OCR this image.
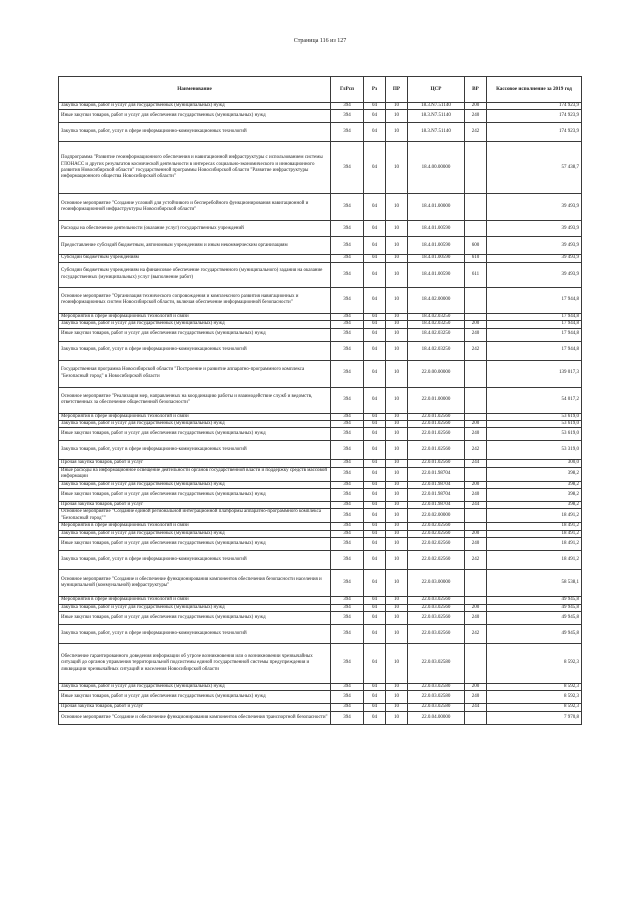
Страница 116 из 127
Наименование	ГлРсп	Рз	ПР	ЦСР	ВР	Кассовое исполнение за 2019 год
Закупка товаров, работ и услуг для государственных (муниципальных) нужд	394	04	10	18.3.N7.51140	200	174 923,9
Иные закупки товаров, работ и услуг для обеспечения государственных (муниципальных) нужд	394	04	10	18.3.N7.51140	240	174 923,9
Закупка товаров, работ, услуг в сфере информационно-коммуникационных технологий	394	04	10	18.3.N7.51140	242	174 923,9
Подпрограмма "Развитие геоинформационного обеспечения и навигационной инфраструктуры с использованием системы ГЛОНАСС и других результатов космической деятельности в интересах социально-экономического и инновационного развития Новосибирской области" государственной программы Новосибирской области "Развитие инфраструктуры информационного общества Новосибирской области"	394	04	10	18.4.00.00000		57 438,7
Основное мероприятие "Создание условий для устойчивого и бесперебойного функционирования навигационной и геоинформационной инфраструктуры Новосибирской области"	394	04	10	18.4.01.00000		39 493,9
Расходы на обеспечение деятельности (оказание услуг) государственных учреждений	394	04	10	18.4.01.00590		39 493,9
Предоставление субсидий бюджетным, автономным учреждениям и иным некоммерческим организациям	394	04	10	18.4.01.00590	600	39 493,9
Субсидии бюджетным учреждениям	394	04	10	18.4.01.00590	610	39 493,9
Субсидии бюджетным учреждениям на финансовое обеспечение государственного (муниципального) задания на оказание государственных (муниципальных) услуг (выполнение работ)	394	04	10	18.4.01.00590	611	39 493,9
Основное мероприятие "Организация технического сопровождения и комплексного развития навигационных и геоинформационных систем Новосибирской области, включая обеспечение информационной безопасности"	394	04	10	18.4.02.00000		17 944,8
Мероприятия в сфере информационных технологий и связи	394	04	10	18.4.02.03250		17 944,8
Закупка товаров, работ и услуг для государственных (муниципальных) нужд	394	04	10	18.4.02.03250	200	17 944,8
Иные закупки товаров, работ и услуг для обеспечения государственных (муниципальных) нужд	394	04	10	18.4.02.03250	240	17 944,8
Закупка товаров, работ, услуг в сфере информационно-коммуникационных технологий	394	04	10	18.4.02.03250	242	17 944,8
Государственная программа Новосибирской области "Построение и развитие аппаратно-программного комплекса "Безопасный город" в Новосибирской области	394	04	10	22.0.00.00000		139 017,3
Основное мероприятие "Реализация мер, направленных на координацию работы и взаимодействие служб и ведомств, ответственных за обеспечение общественной безопасности"	394	04	10	22.0.01.00000		54 017,2
Мероприятия в сфере информационных технологий и связи	394	04	10	22.0.01.02560		53 619,0
Закупка товаров, работ и услуг для государственных (муниципальных) нужд	394	04	10	22.0.01.02560	200	53 619,0
Иные закупки товаров, работ и услуг для обеспечения государственных (муниципальных) нужд	394	04	10	22.0.01.02560	240	53 619,0
Закупка товаров, работ, услуг в сфере информационно-коммуникационных технологий	394	04	10	22.0.01.02560	242	53 319,0
Прочая закупка товаров, работ и услуг	394	04	10	22.0.01.02560	244	300,0
Иные расходы на информационное освещение деятельности органов государственной власти и поддержку средств массовой информации	394	04	10	22.0.01.98704		398,2
Закупка товаров, работ и услуг для государственных (муниципальных) нужд	394	04	10	22.0.01.98704	200	398,2
Иные закупки товаров, работ и услуг для обеспечения государственных (муниципальных) нужд	394	04	10	22.0.01.98704	240	398,2
Прочая закупка товаров, работ и услуг	394	04	10	22.0.01.98704	244	398,2
Основное мероприятие "Создание единой региональной интеграционной платформы аппаратно-программного комплекса "Безопасный город""	394	04	10	22.0.02.00000		18 491,2
Мероприятия в сфере информационных технологий и связи	394	04	10	22.0.02.02560		18 491,2
Закупка товаров, работ и услуг для государственных (муниципальных) нужд	394	04	10	22.0.02.02560	200	18 491,2
Иные закупки товаров, работ и услуг для обеспечения государственных (муниципальных) нужд	394	04	10	22.0.02.02560	240	18 491,2
Закупка товаров, работ, услуг в сфере информационно-коммуникационных технологий	394	04	10	22.0.02.02560	242	18 491,2
Основное мероприятие "Создание и обеспечение функционирования компонентов обеспечения безопасности населения и муниципальной (коммунальной) инфраструктуры"	394	04	10	22.0.03.00000		58 538,1
Мероприятия в сфере информационных технологий и связи	394	04	10	22.0.03.02560		49 945,8
Закупка товаров, работ и услуг для государственных (муниципальных) нужд	394	04	10	22.0.03.02560	200	49 945,8
Иные закупки товаров, работ и услуг для обеспечения государственных (муниципальных) нужд	394	04	10	22.0.03.02560	240	49 945,8
Закупка товаров, работ, услуг в сфере информационно-коммуникационных технологий	394	04	10	22.0.03.02560	242	49 945,8
Обеспечение гарантированного доведения информации об угрозе возникновения или о возникновении чрезвычайных ситуаций до органов управления территориальной подсистемы единой государственной системы предупреждения и ликвидации чрезвычайных ситуаций и населения Новосибирской области	394	04	10	22.0.03.02580		8 592,3
Закупка товаров, работ и услуг для государственных (муниципальных) нужд	394	04	10	22.0.03.02580	200	8 592,3
Иные закупки товаров, работ и услуг для обеспечения государственных (муниципальных) нужд	394	04	10	22.0.03.02580	240	8 592,3
Прочая закупка товаров, работ и услуг	394	04	10	22.0.03.02580	244	8 592,3
Основное мероприятие "Создание и обеспечение функционирования компонентов обеспечения транспортной безопасности"	394	04	10	22.0.04.00000		7 970,8
